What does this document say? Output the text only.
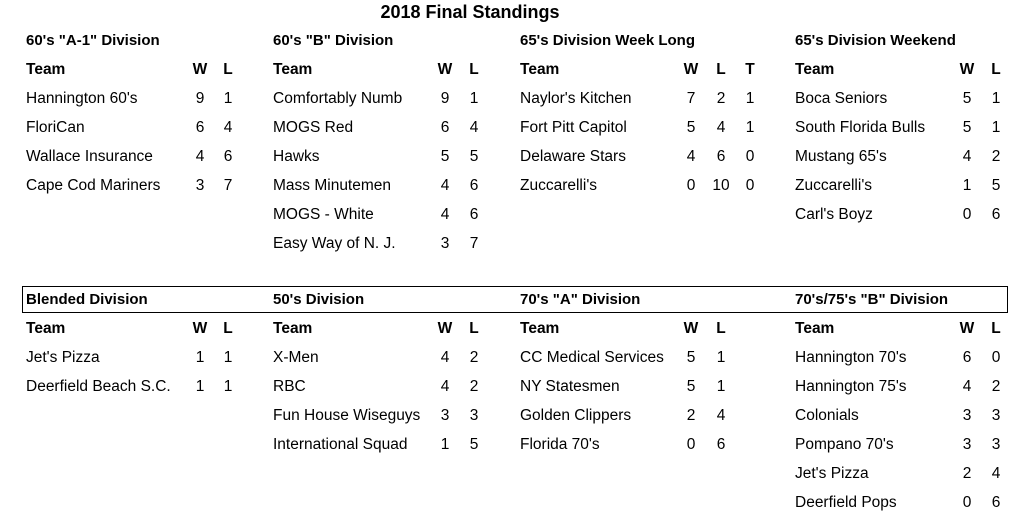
2018 Final Standings
60's "A-1" Division
Team	W	L
Hannington 60's	9	1
FloriCan	6	4
Wallace Insurance	4	6
Cape Cod Mariners	3	7
60's "B" Division
Team	W	L
Comfortably Numb	9	1
MOGS Red	6	4
Hawks	5	5
Mass Minutemen	4	6
MOGS - White	4	6
Easy Way of N. J.	3	7
65's Division Week Long
Team	W	L	T
Naylor's Kitchen	7	2	1
Fort Pitt Capitol	5	4	1
Delaware Stars	4	6	0
Zuccarelli's	0	10	0
65's Division Weekend
Team	W	L
Boca Seniors	5	1
South Florida Bulls	5	1
Mustang 65's	4	2
Zuccarelli's	1	5
Carl's Boyz	0	6
Blended Division
Team	W	L
Jet's Pizza	1	1
Deerfield Beach S.C.	1	1
50's Division
Team	W	L
X-Men	4	2
RBC	4	2
Fun House Wiseguys	3	3
International Squad	1	5
70's "A" Division
Team	W	L
CC Medical Services	5	1
NY Statesmen	5	1
Golden Clippers	2	4
Florida 70's	0	6
70's/75's "B" Division
Team	W	L
Hannington 70's	6	0
Hannington 75's	4	2
Colonials	3	3
Pompano 70's	3	3
Jet's Pizza	2	4
Deerfield Pops	0	6
